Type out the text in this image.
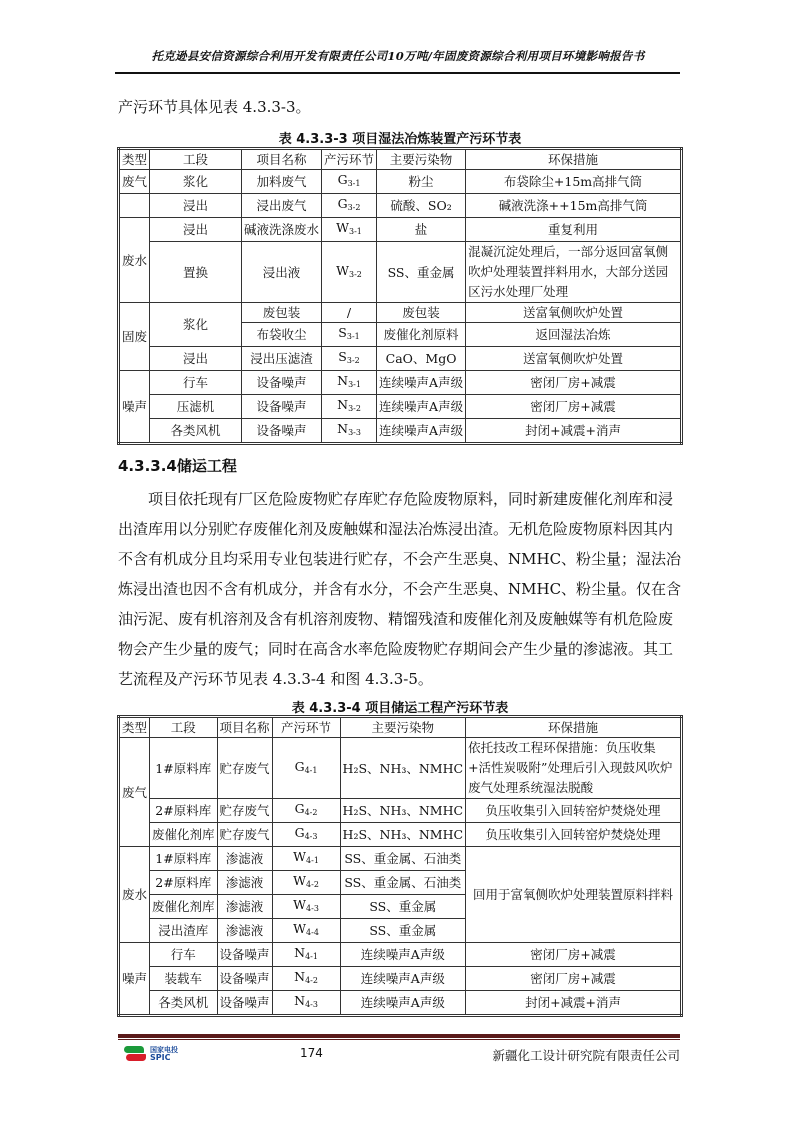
托克逊县安信资源综合利用开发有限责任公司10万吨/年固废资源综合利用项目环境影响报告书
产污环节具体见表 4.3.3-3。
表 4.3.3-3 项目湿法冶炼装置产污环节表
类型	工段	项目名称	产污环节	主要污染物	环保措施
废气	浆化	加料废气	$G_{3-1}$	粉尘	布袋除尘+15m高排气筒
	浸出	浸出废气	$G_{3-2}$	硫酸、SO₂	碱液洗涤++15m高排气筒
废水	浸出	碱液洗涤废水	$W_{3-1}$	盐	重复利用
	置换	浸出液	$W_{3-2}$	SS、重金属	混凝沉淀处理后，一部分返回富氧侧吹炉处理装置拌料用水，大部分送园区污水处理厂处理
固废	浆化	废包装	/	废包装	送富氧侧吹炉处置
		布袋收尘	$S_{3-1}$	废催化剂原料	返回湿法冶炼
	浸出	浸出压滤渣	$S_{3-2}$	CaO、MgO	送富氧侧吹炉处置
噪声	行车	设备噪声	$N_{3-1}$	连续噪声A声级	密闭厂房+减震
	压滤机	设备噪声	$N_{3-2}$	连续噪声A声级	密闭厂房+减震
	各类风机	设备噪声	$N_{3-3}$	连续噪声A声级	封闭+减震+消声
4.3.3.4储运工程
项目依托现有厂区危险废物贮存库贮存危险废物原料，同时新建废催化剂库和浸出渣库用以分别贮存废催化剂及废触媒和湿法冶炼浸出渣。无机危险废物原料因其内不含有机成分且均采用专业包装进行贮存，不会产生恶臭、NMHC、粉尘量；湿法冶炼浸出渣也因不含有机成分，并含有水分，不会产生恶臭、NMHC、粉尘量。仅在含油污泥、废有机溶剂及含有机溶剂废物、精馏残渣和废催化剂及废触媒等有机危险废物会产生少量的废气；同时在高含水率危险废物贮存期间会产生少量的渗滤液。其工艺流程及产污环节见表 4.3.3-4 和图 4.3.3-5。
表 4.3.3-4 项目储运工程产污环节表
类型	工段	项目名称	产污环节	主要污染物	环保措施
废气	1#原料库	贮存废气	$G_{4-1}$	H₂S、NH₃、NMHC	依托技改工程环保措施：负压收集+活性炭吸附”处理后引入现鼓风吹炉废气处理系统湿法脱酸
	2#原料库	贮存废气	$G_{4-2}$	H₂S、NH₃、NMHC	负压收集引入回转窑炉焚烧处理
	废催化剂库	贮存废气	$G_{4-3}$	H₂S、NH₃、NMHC	负压收集引入回转窑炉焚烧处理
废水	1#原料库	渗滤液	$W_{4-1}$	SS、重金属、石油类	回用于富氧侧吹炉处理装置原料拌料
	2#原料库	渗滤液	$W_{4-2}$	SS、重金属、石油类	
	废催化剂库	渗滤液	$W_{4-3}$	SS、重金属	
	浸出渣库	渗滤液	$W_{4-4}$	SS、重金属	
噪声	行车	设备噪声	$N_{4-1}$	连续噪声A声级	密闭厂房+减震
	装载车	设备噪声	$N_{4-2}$	连续噪声A声级	密闭厂房+减震
	各类风机	设备噪声	$N_{4-3}$	连续噪声A声级	封闭+减震+消声
国家电投
SPIC	174	新疆化工设计研究院有限责任公司
